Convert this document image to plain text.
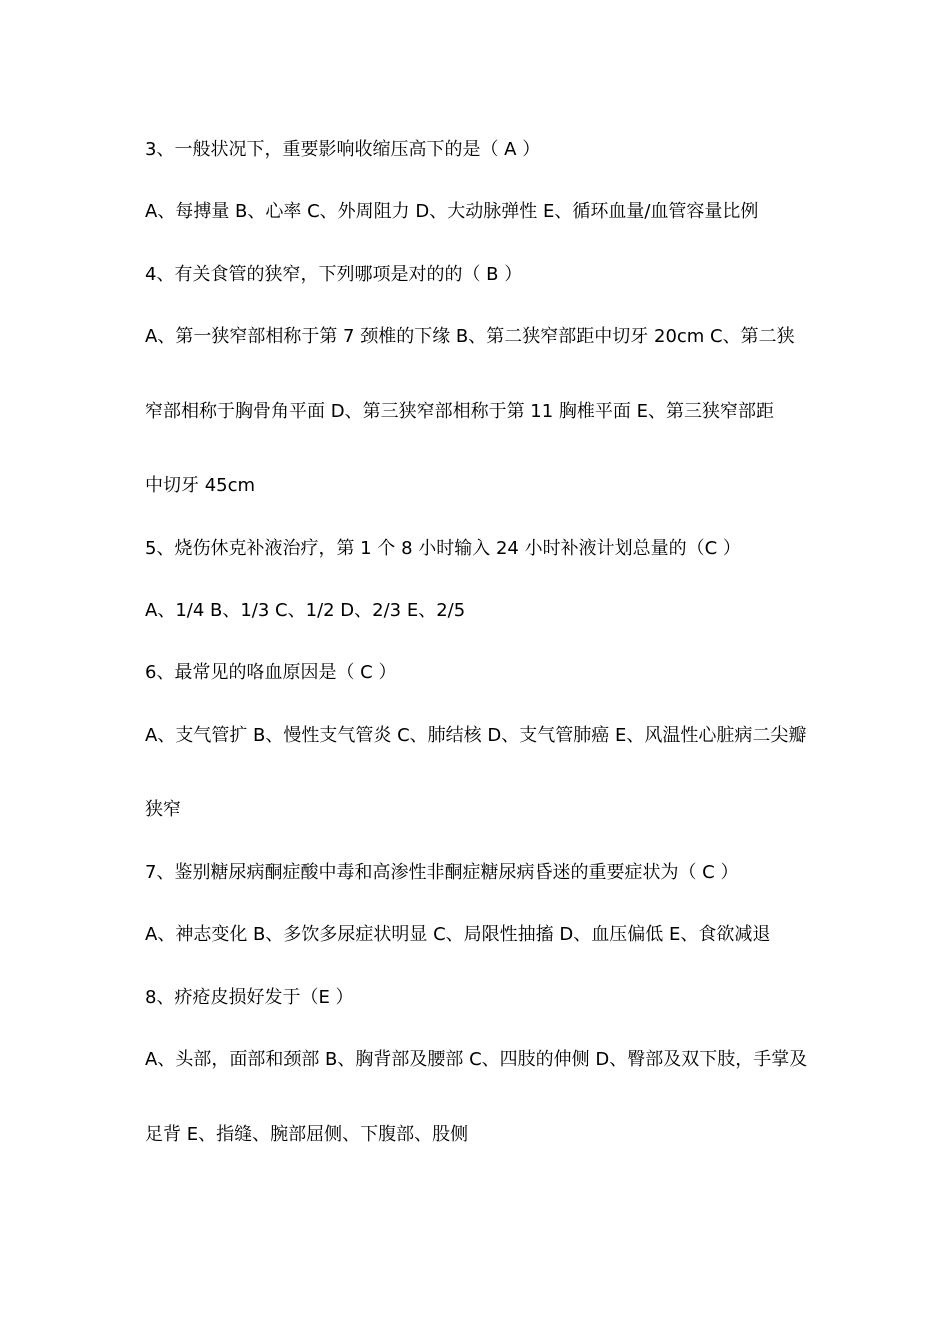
3、一般状况下，重要影响收缩压高下的是（ A ）
A、每搏量 B、心率 C、外周阻力 D、大动脉弹性 E、循环血量/血管容量比例
4、有关食管的狭窄，下列哪项是对的的（ B ）
A、第一狭窄部相称于第 7 颈椎的下缘 B、第二狭窄部距中切牙 20cm C、第二狭
窄部相称于胸骨角平面 D、第三狭窄部相称于第 11 胸椎平面 E、第三狭窄部距
中切牙 45cm
5、烧伤休克补液治疗，第 1 个 8 小时输入 24 小时补液计划总量的（C ）
A、1/4 B、1/3 C、1/2 D、2/3 E、2/5
6、最常见的咯血原因是（ C ）
A、支气管扩 B、慢性支气管炎 C、肺结核 D、支气管肺癌 E、风温性心脏病二尖瓣
狭窄
7、鉴别糖尿病酮症酸中毒和高渗性非酮症糖尿病昏迷的重要症状为（ C ）
A、神志变化 B、多饮多尿症状明显 C、局限性抽搐 D、血压偏低 E、食欲减退
8、疥疮皮损好发于（E ）
A、头部，面部和颈部 B、胸背部及腰部 C、四肢的伸侧 D、臀部及双下肢，手掌及
足背 E、指缝、腕部屈侧、下腹部、股侧
